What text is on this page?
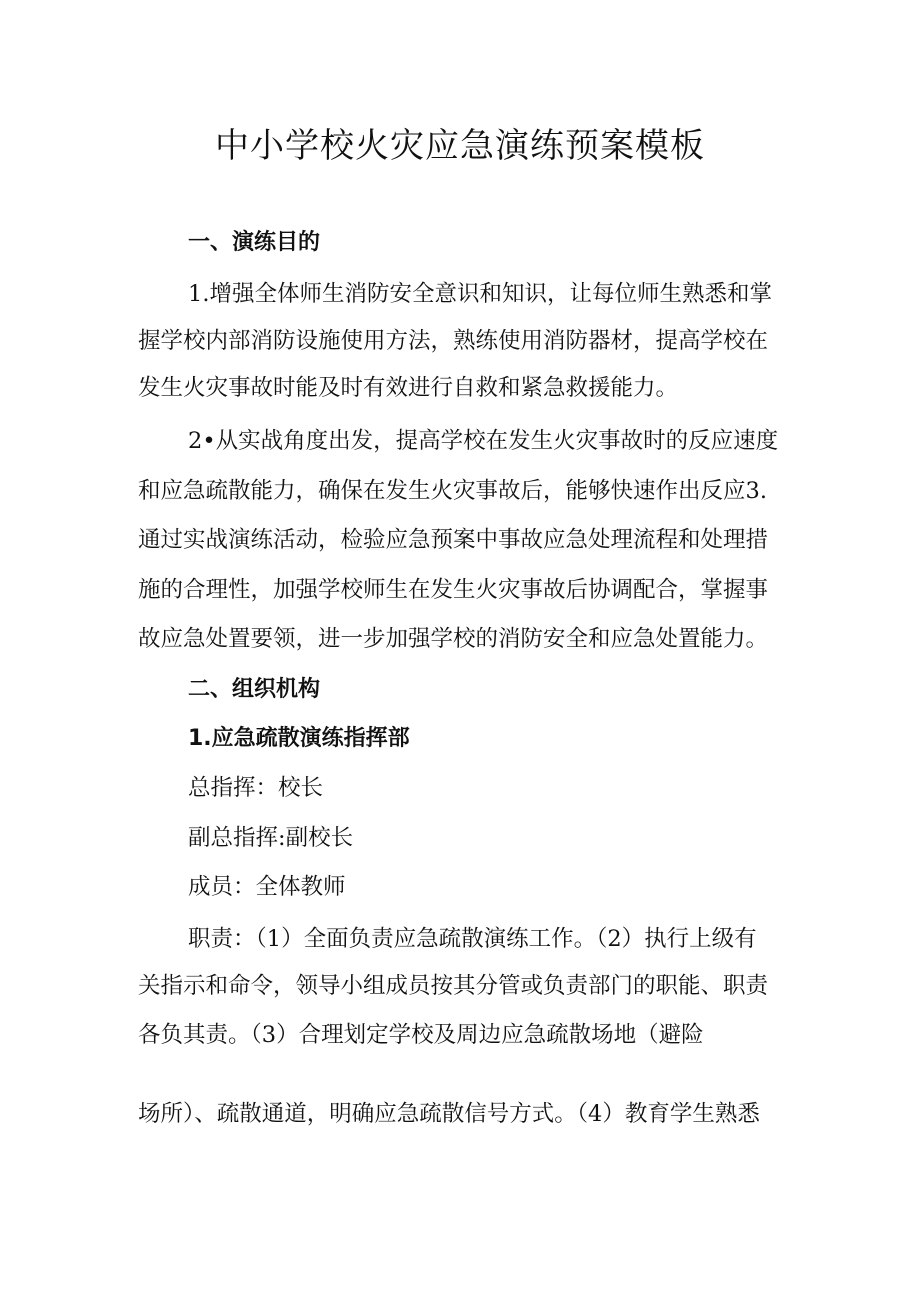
中小学校火灾应急演练预案模板

一、演练目的

1.增强全体师生消防安全意识和知识，让每位师生熟悉和掌

握学校内部消防设施使用方法，熟练使用消防器材，提高学校在

发生火灾事故时能及时有效进行自救和紧急救援能力。

2•从实战角度出发，提高学校在发生火灾事故时的反应速度

和应急疏散能力，确保在发生火灾事故后，能够快速作出反应3.

通过实战演练活动，检验应急预案中事故应急处理流程和处理措

施的合理性，加强学校师生在发生火灾事故后协调配合，掌握事

故应急处置要领，进一步加强学校的消防安全和应急处置能力。

二、组织机构

1.应急疏散演练指挥部

总指挥：校长

副总指挥:副校长

成员：全体教师

职责：（1）全面负责应急疏散演练工作。（2）执行上级有

关指示和命令，领导小组成员按其分管或负责部门的职能、职责

各负其责。（3）合理划定学校及周边应急疏散场地（避险

场所）、疏散通道，明确应急疏散信号方式。（4）教育学生熟悉
